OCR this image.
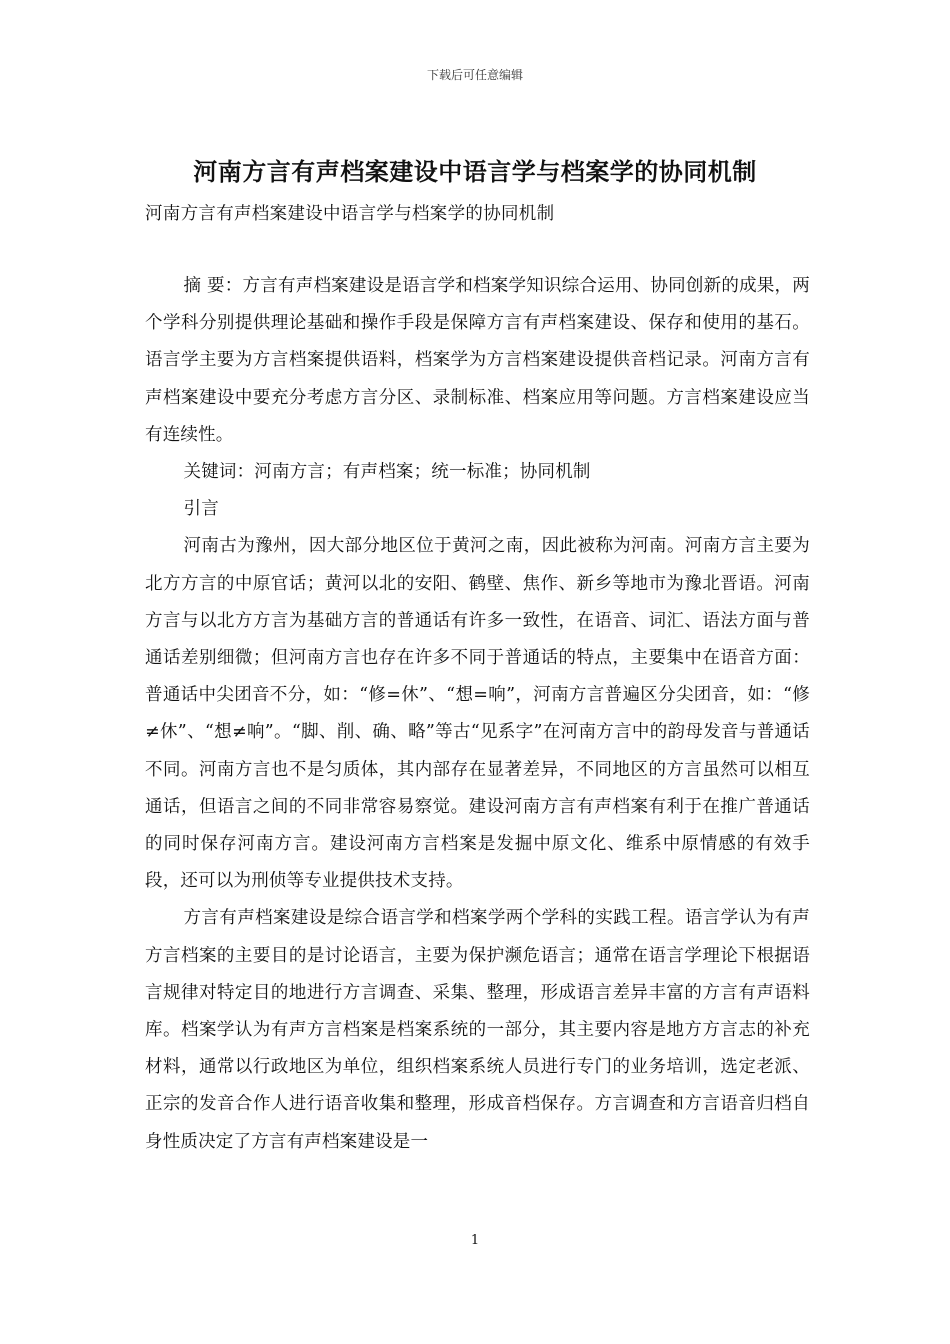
下载后可任意编辑
河南方言有声档案建设中语言学与档案学的协同机制
河南方言有声档案建设中语言学与档案学的协同机制

摘 要：方言有声档案建设是语言学和档案学知识综合运用、协同创新的成果，两个学科分别提供理论基础和操作手段是保障方言有声档案建设、保存和使用的基石。语言学主要为方言档案提供语料，档案学为方言档案建设提供音档记录。河南方言有声档案建设中要充分考虑方言分区、录制标准、档案应用等问题。方言档案建设应当有连续性。

关键词：河南方言；有声档案；统一标准；协同机制

引言

河南古为豫州，因大部分地区位于黄河之南，因此被称为河南。河南方言主要为北方方言的中原官话；黄河以北的安阳、鹤壁、焦作、新乡等地市为豫北晋语。河南方言与以北方方言为基础方言的普通话有许多一致性，在语音、词汇、语法方面与普通话差别细微；但河南方言也存在许多不同于普通话的特点，主要集中在语音方面：普通话中尖团音不分，如：“修=休”、“想=响”，河南方言普遍区分尖团音，如：“修≠休”、“想≠响”。“脚、削、确、略”等古“见系字”在河南方言中的韵母发音与普通话不同。河南方言也不是匀质体，其内部存在显著差异，不同地区的方言虽然可以相互通话，但语言之间的不同非常容易察觉。建设河南方言有声档案有利于在推广普通话的同时保存河南方言。建设河南方言档案是发掘中原文化、维系中原情感的有效手段，还可以为刑侦等专业提供技术支持。

方言有声档案建设是综合语言学和档案学两个学科的实践工程。语言学认为有声方言档案的主要目的是讨论语言，主要为保护濒危语言；通常在语言学理论下根据语言规律对特定目的地进行方言调查、采集、整理，形成语言差异丰富的方言有声语料库。档案学认为有声方言档案是档案系统的一部分，其主要内容是地方方言志的补充材料，通常以行政地区为单位，组织档案系统人员进行专门的业务培训，选定老派、正宗的发音合作人进行语音收集和整理，形成音档保存。方言调查和方言语音归档自身性质决定了方言有声档案建设是一

1
